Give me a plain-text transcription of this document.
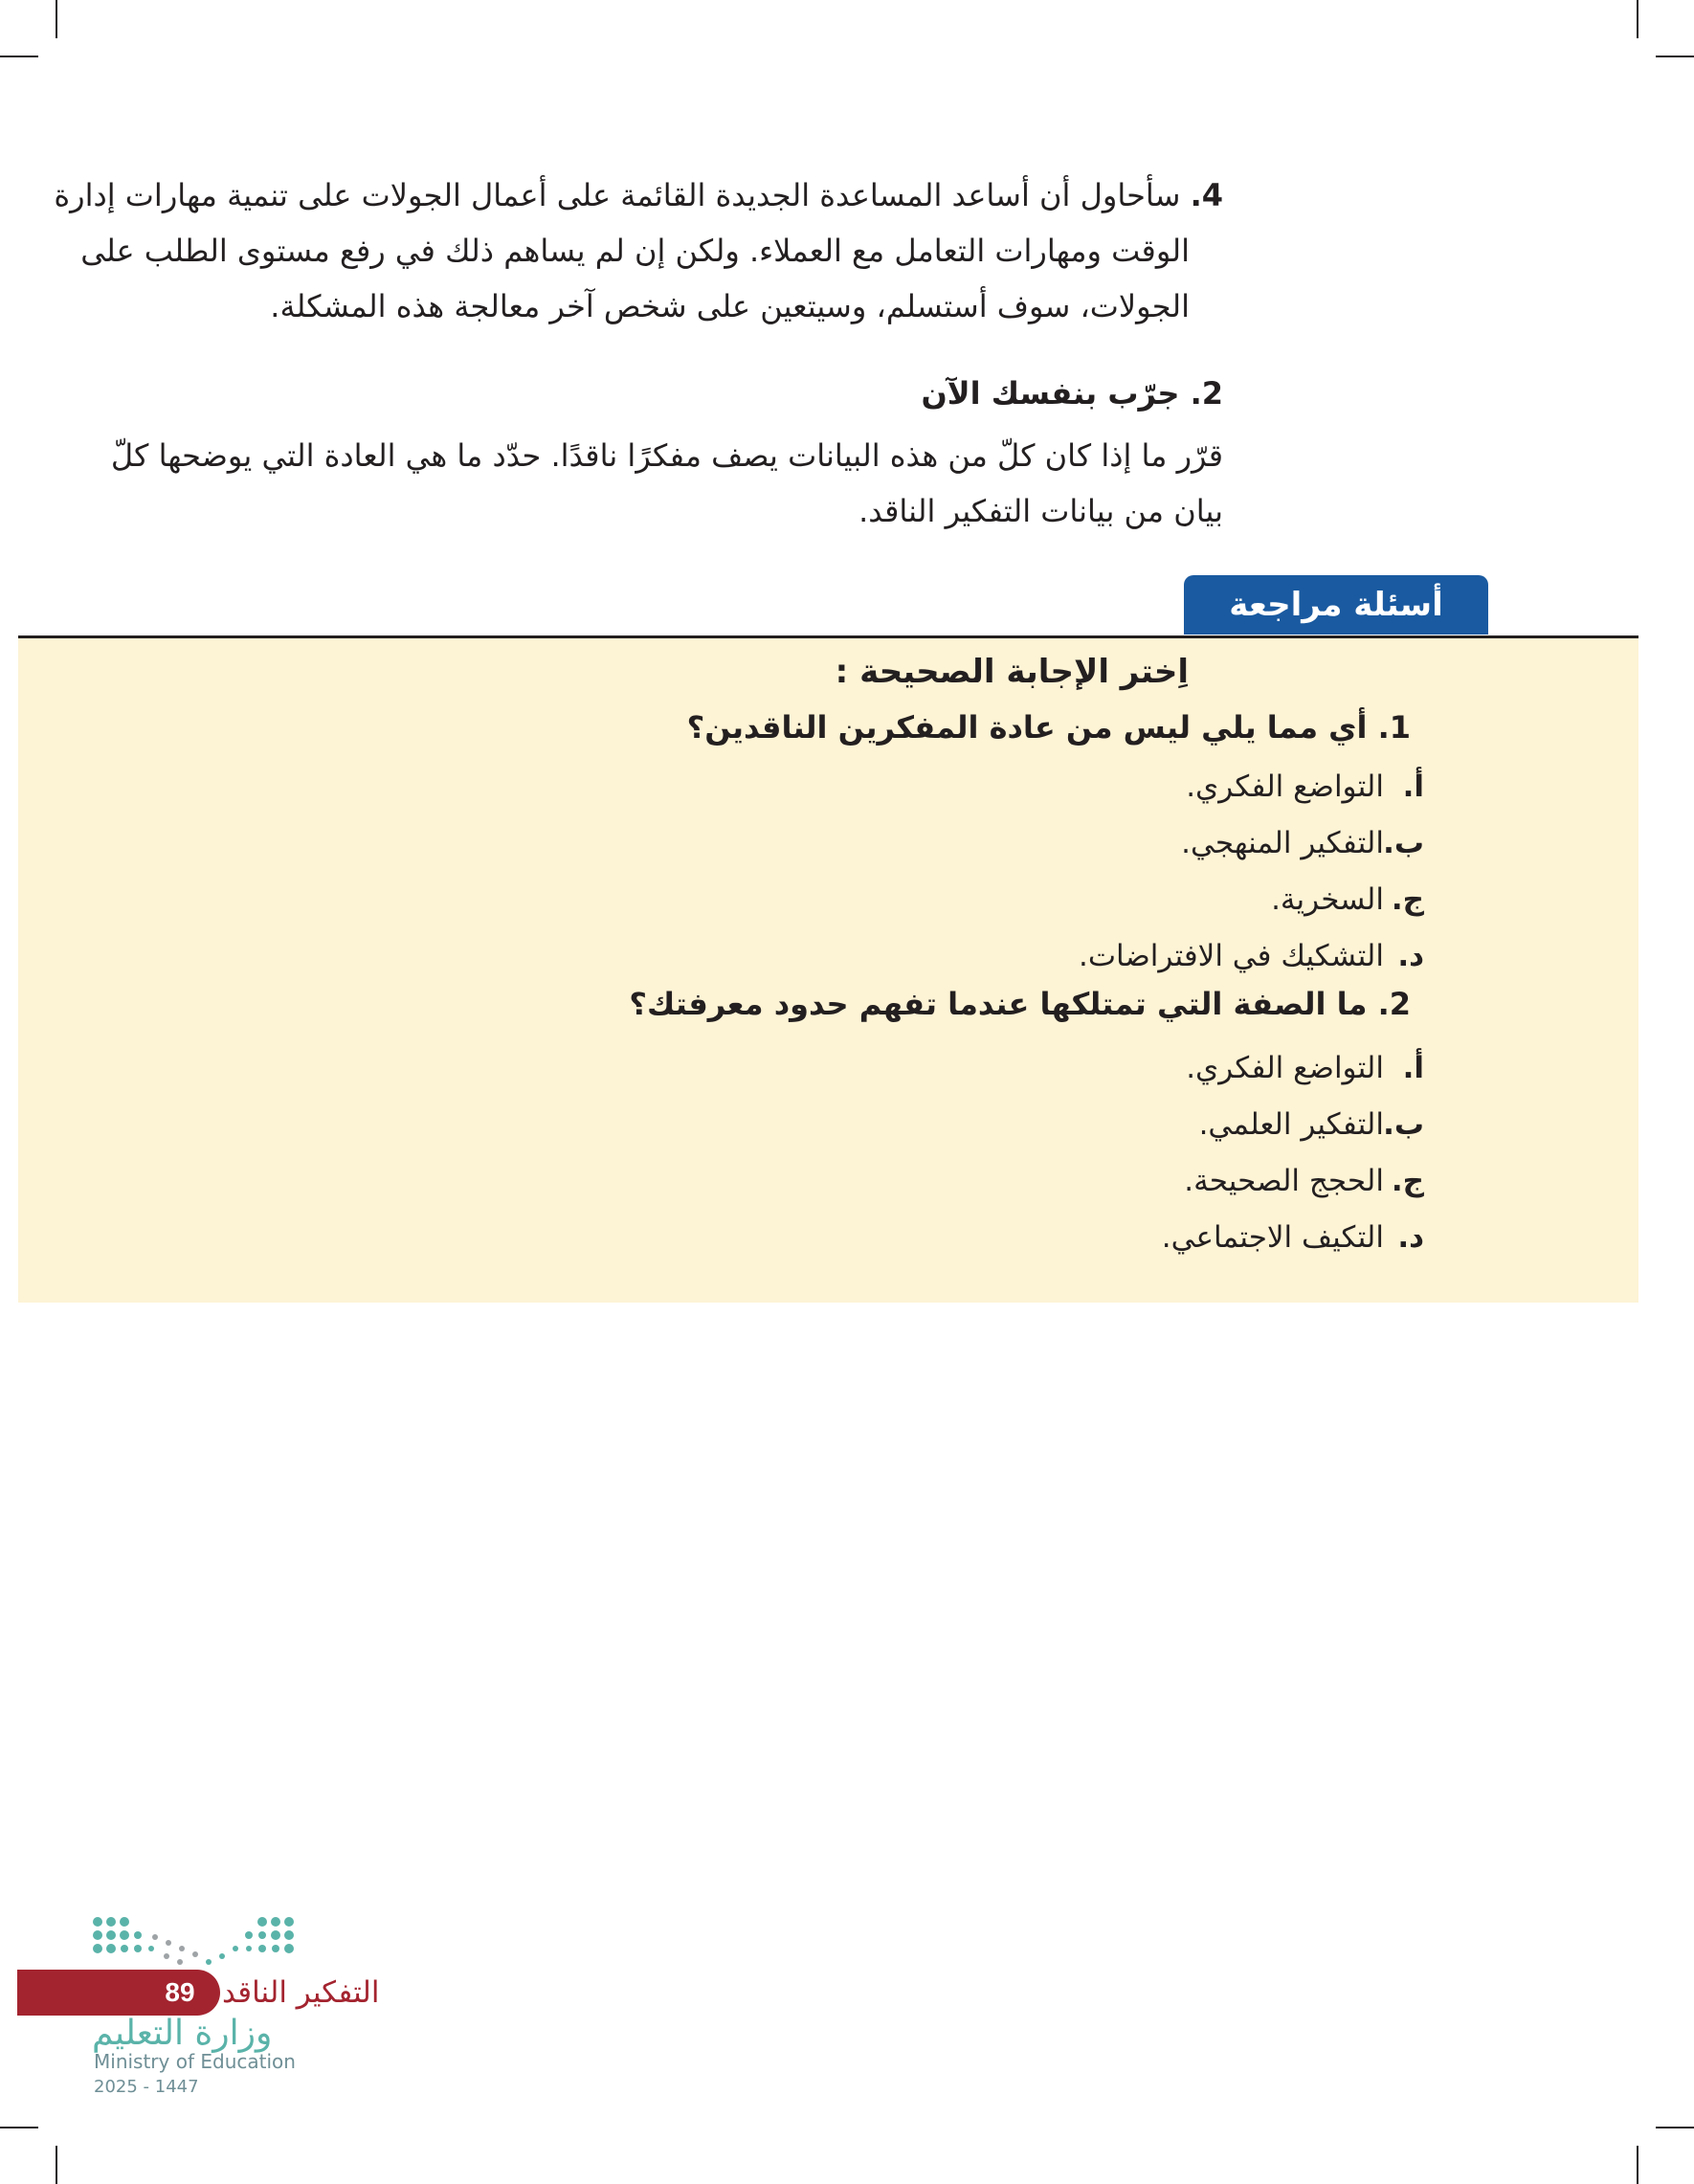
4. سأحاول أن أساعد المساعدة الجديدة القائمة على أعمال الجولات على تنمية مهارات إدارة

الوقت ومهارات التعامل مع العملاء. ولكن إن لم يساهم ذلك في رفع مستوى الطلب على

الجولات، سوف أستسلم، وسيتعين على شخص آخر معالجة هذه المشكلة.

2. جرّب بنفسك الآن

قرّر ما إذا كان كلّ من هذه البيانات يصف مفكرًا ناقدًا. حدّد ما هي العادة التي يوضحها كلّ

بيان من بيانات التفكير الناقد.

أسئلة مراجعة
اِختر الإجابة الصحيحة :
1. أي مما يلي ليس من عادة المفكرين الناقدين؟
أ.
التواضع الفكري.
ب.
التفكير المنهجي.
ج.
السخرية.
د.
التشكيك في الافتراضات.
2. ما الصفة التي تمتلكها عندما تفهم حدود معرفتك؟
أ.
التواضع الفكري.
ب.
التفكير العلمي.
ج.
الحجج الصحيحة.
د.
التكيف الاجتماعي.
89 التفكير الناقد
وزارة التعليم
Ministry of Education
2025 - 1447
